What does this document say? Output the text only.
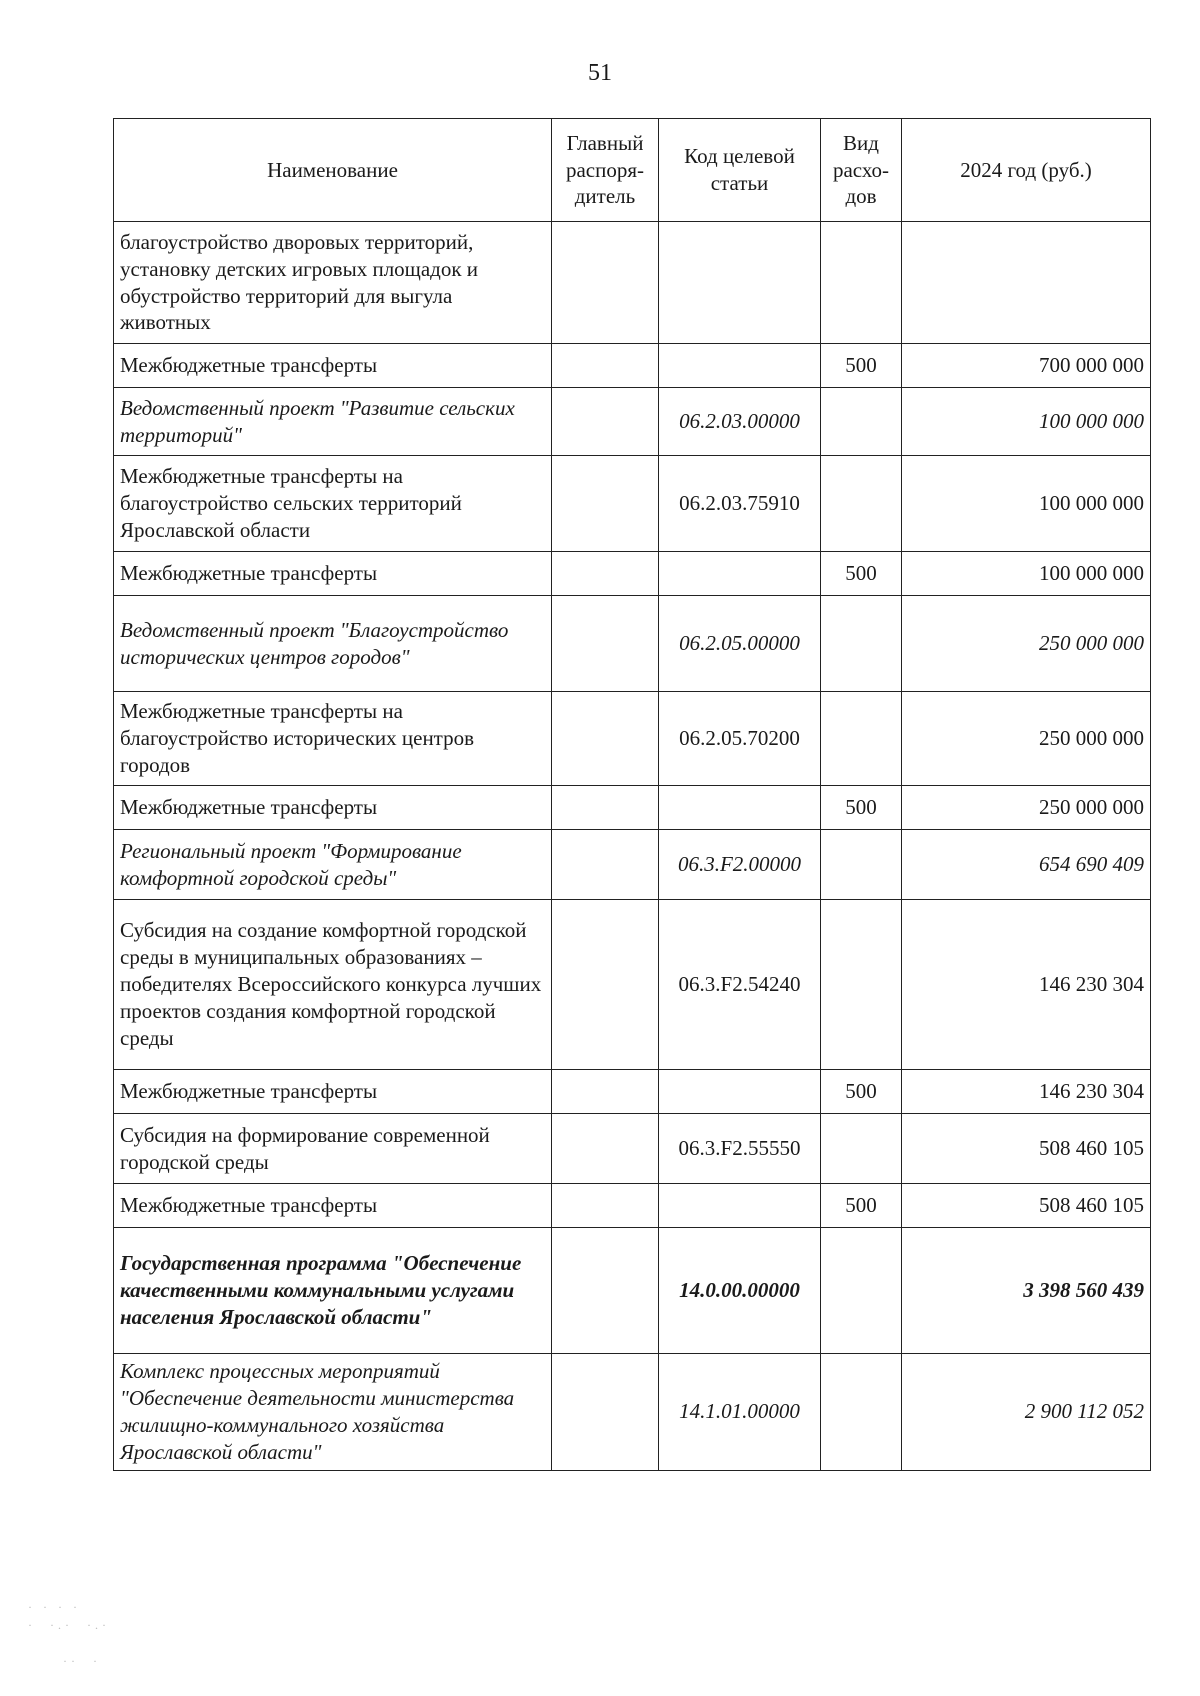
51
Наименование	Главный распоря-дитель	Код целевой статьи	Вид расхо-дов	2024 год (руб.)
благоустройство дворовых территорий, установку детских игровых площадок и обустройство территорий для выгула животных				
Межбюджетные трансферты			500	700 000 000
Ведомственный проект "Развитие сельских территорий"		06.2.03.00000		100 000 000
Межбюджетные трансферты на благоустройство сельских территорий Ярославской области		06.2.03.75910		100 000 000
Межбюджетные трансферты			500	100 000 000
Ведомственный проект "Благоустройство исторических центров городов"		06.2.05.00000		250 000 000
Межбюджетные трансферты на благоустройство исторических центров городов		06.2.05.70200		250 000 000
Межбюджетные трансферты			500	250 000 000
Региональный проект "Формирование комфортной городской среды"		06.3.F2.00000		654 690 409
Субсидия на создание комфортной городской среды в муниципальных образованиях – победителях Всероссийского конкурса лучших проектов создания комфортной городской среды		06.3.F2.54240		146 230 304
Межбюджетные трансферты			500	146 230 304
Субсидия на формирование современной городской среды		06.3.F2.55550		508 460 105
Межбюджетные трансферты			500	508 460 105
Государственная программа "Обеспечение качественными коммунальными услугами населения Ярославской области"		14.0.00.00000		3 398 560 439
Комплекс процессных мероприятий "Обеспечение деятельности министерства жилищно-коммунального хозяйства Ярославской области"		14.1.01.00000		2 900 112 052
· · · ·
·  ·.·  ·.·

··  ·
